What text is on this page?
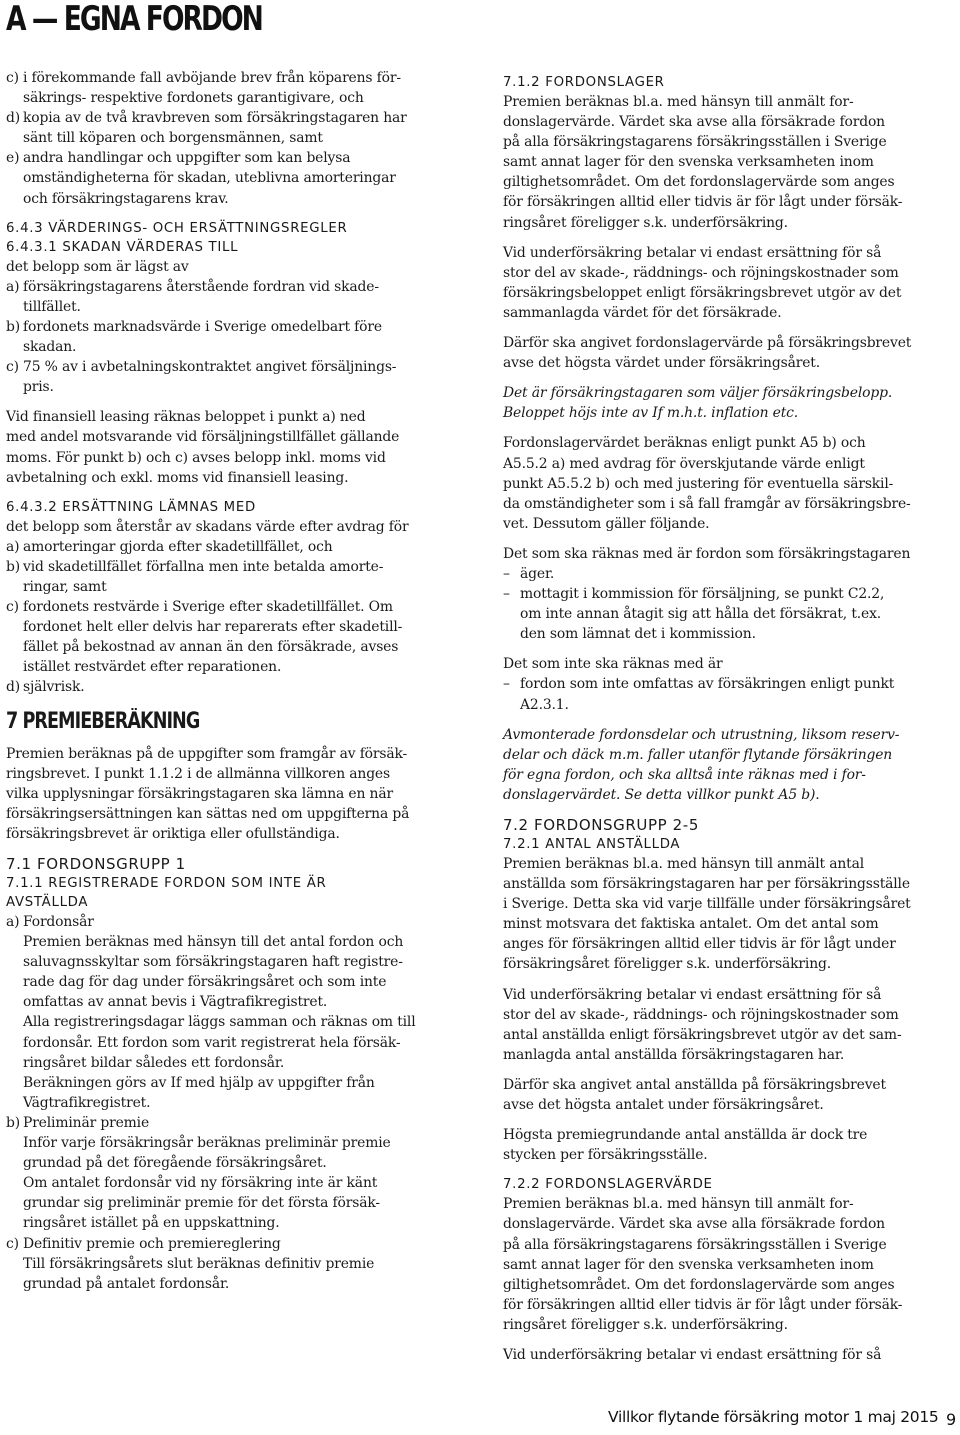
A — EGNA FORDON
c) i förekommande fall avböjande brev från köparens för-
säkrings- respektive fordonets garantigivare, och
d) kopia av de två kravbreven som försäkringstagaren har
sänt till köparen och borgensmännen, samt
e) andra handlingar och uppgifter som kan belysa
omständigheterna för skadan, uteblivna amorteringar
och försäkringstagarens krav.
6.4.3 VÄRDERINGS- OCH ERSÄTTNINGSREGLER
6.4.3.1 SKADAN VÄRDERAS TILL
det belopp som är lägst av
a) försäkringstagarens återstående fordran vid skade-
tillfället.
b) fordonets marknadsvärde i Sverige omedelbart före
skadan.
c) 75 % av i avbetalningskontraktet angivet försäljnings-
pris.
Vid finansiell leasing räknas beloppet i punkt a) ned
med andel motsvarande vid försäljningstillfället gällande
moms. För punkt b) och c) avses belopp inkl. moms vid
avbetalning och exkl. moms vid finansiell leasing.
6.4.3.2 ERSÄTTNING LÄMNAS MED
det belopp som återstår av skadans värde efter avdrag för
a) amorteringar gjorda efter skadetillfället, och
b) vid skadetillfället förfallna men inte betalda amorte-
ringar, samt
c) fordonets restvärde i Sverige efter skadetillfället. Om
fordonet helt eller delvis har reparerats efter skadetill-
fället på bekostnad av annan än den försäkrade, avses
istället restvärdet efter reparationen.
d) självrisk.
7 PREMIEBERÄKNING
Premien beräknas på de uppgifter som framgår av försäk-
ringsbrevet. I punkt 1.1.2 i de allmänna villkoren anges
vilka upplysningar försäkringstagaren ska lämna en när
försäkringsersättningen kan sättas ned om uppgifterna på
försäkringsbrevet är oriktiga eller ofullständiga.
7.1 FORDONSGRUPP 1
7.1.1 REGISTRERADE FORDON SOM INTE ÄR
AVSTÄLLDA
a) Fordonsår
Premien beräknas med hänsyn till det antal fordon och
saluvagnsskyltar som försäkringstagaren haft registre-
rade dag för dag under försäkringsåret och som inte
omfattas av annat bevis i Vägtrafikregistret.
Alla registreringsdagar läggs samman och räknas om till
fordonsår. Ett fordon som varit registrerat hela försäk-
ringsåret bildar således ett fordonsår.
Beräkningen görs av If med hjälp av uppgifter från
Vägtrafikregistret.
b) Preliminär premie
Inför varje försäkringsår beräknas preliminär premie
grundad på det föregående försäkringsåret.
Om antalet fordonsår vid ny försäkring inte är känt
grundar sig preliminär premie för det första försäk-
ringsåret istället på en uppskattning.
c) Definitiv premie och premiereglering
Till försäkringsårets slut beräknas definitiv premie
grundad på antalet fordonsår.
7.1.2 FORDONSLAGER
Premien beräknas bl.a. med hänsyn till anmält for-
donslagervärde. Värdet ska avse alla försäkrade fordon
på alla försäkringstagarens försäkringsställen i Sverige
samt annat lager för den svenska verksamheten inom
giltighetsområdet. Om det fordonslagervärde som anges
för försäkringen alltid eller tidvis är för lågt under försäk-
ringsåret föreligger s.k. underförsäkring.
Vid underförsäkring betalar vi endast ersättning för så
stor del av skade-, räddnings- och röjningskostnader som
försäkringsbeloppet enligt försäkringsbrevet utgör av det
sammanlagda värdet för det försäkrade.
Därför ska angivet fordonslagervärde på försäkringsbrevet
avse det högsta värdet under försäkringsåret.
Det är försäkringstagaren som väljer försäkringsbelopp.
Beloppet höjs inte av If m.h.t. inflation etc.
Fordonslagervärdet beräknas enligt punkt A5 b) och
A5.5.2 a) med avdrag för överskjutande värde enligt
punkt A5.5.2 b) och med justering för eventuella särskil-
da omständigheter som i så fall framgår av försäkringsbre-
vet. Dessutom gäller följande.
Det som ska räknas med är fordon som försäkringstagaren
– äger.
– mottagit i kommission för försäljning, se punkt C2.2,
om inte annan åtagit sig att hålla det försäkrat, t.ex.
den som lämnat det i kommission.
Det som inte ska räknas med är
– fordon som inte omfattas av försäkringen enligt punkt
A2.3.1.
Avmonterade fordonsdelar och utrustning, liksom reserv-
delar och däck m.m. faller utanför flytande försäkringen
för egna fordon, och ska alltså inte räknas med i for-
donslagervärdet. Se detta villkor punkt A5 b).
7.2 FORDONSGRUPP 2-5
7.2.1 ANTAL ANSTÄLLDA
Premien beräknas bl.a. med hänsyn till anmält antal
anställda som försäkringstagaren har per försäkringsställe
i Sverige. Detta ska vid varje tillfälle under försäkringsåret
minst motsvara det faktiska antalet. Om det antal som
anges för försäkringen alltid eller tidvis är för lågt under
försäkringsåret föreligger s.k. underförsäkring.
Vid underförsäkring betalar vi endast ersättning för så
stor del av skade-, räddnings- och röjningskostnader som
antal anställda enligt försäkringsbrevet utgör av det sam-
manlagda antal anställda försäkringstagaren har.
Därför ska angivet antal anställda på försäkringsbrevet
avse det högsta antalet under försäkringsåret.
Högsta premiegrundande antal anställda är dock tre
stycken per försäkringsställe.
7.2.2 FORDONSLAGERVÄRDE
Premien beräknas bl.a. med hänsyn till anmält for-
donslagervärde. Värdet ska avse alla försäkrade fordon
på alla försäkringstagarens försäkringsställen i Sverige
samt annat lager för den svenska verksamheten inom
giltighetsområdet. Om det fordonslagervärde som anges
för försäkringen alltid eller tidvis är för lågt under försäk-
ringsåret föreligger s.k. underförsäkring.
Vid underförsäkring betalar vi endast ersättning för så
Villkor flytande försäkring motor 1 maj 2015 9
